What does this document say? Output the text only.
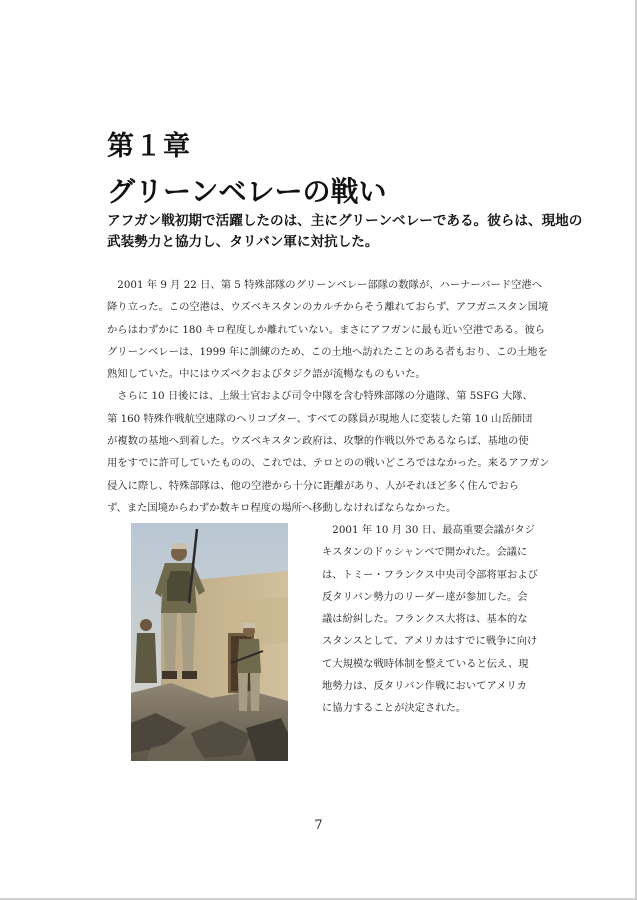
第１章
グリーンベレーの戦い
アフガン戦初期で活躍したのは、主にグリーンベレーである。彼らは、現地の
武装勢力と協力し、タリバン軍に対抗した。
　2001 年 9 月 22 日、第 5 特殊部隊のグリーンベレー部隊の数隊が、ハーナーバード空港へ
降り立った。この空港は、ウズベキスタンのカルチからそう離れておらず、アフガニスタン国境
からはわずかに 180 キロ程度しか離れていない。まさにアフガンに最も近い空港である。彼ら
グリーンベレーは、1999 年に訓練のため、この土地へ訪れたことのある者もおり、この土地を
熟知していた。中にはウズベクおよびタジク語が流暢なものもいた。
　さらに 10 日後には、上級士官および司令中隊を含む特殊部隊の分遣隊、第 5SFG 大隊、
第 160 特殊作戦航空連隊のヘリコプター、すべての隊員が現地人に変装した第 10 山岳師団
が複数の基地へ到着した。ウズベキスタン政府は、攻撃的作戦以外であるならば、基地の使
用をすでに許可していたものの、これでは、テロとのの戦いどころではなかった。来るアフガン
侵入に際し、特殊部隊は、他の空港から十分に距離があり、人がそれほど多く住んでおら
ず、また国境からわずか数キロ程度の場所へ移動しなければならなかった。
　2001 年 10 月 30 日、最高重要会議がタジ
キスタンのドゥシャンベで開かれた。会議に
は、トミー・フランクス中央司令部将軍および
反タリバン勢力のリーダー達が参加した。会
議は紛糾した。フランクス大将は、基本的な
スタンスとして、アメリカはすでに戦争に向け
て大規模な戦時体制を整えていると伝え、現
地勢力は、反タリバン作戦においてアメリカ
に協力することが決定された。
7
